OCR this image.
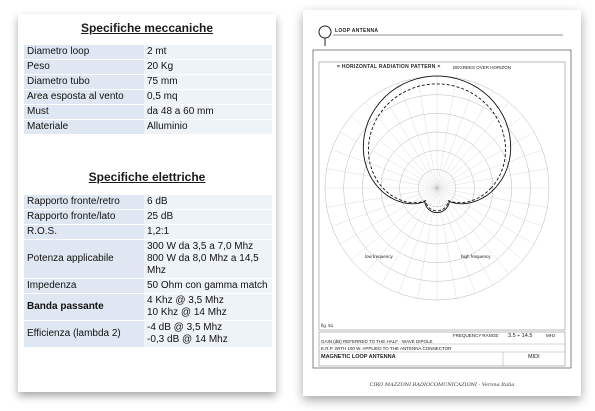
Specifiche meccaniche
Diametro loop	2 mt
Peso	20 Kg
Diametro tubo	75 mm
Area esposta al vento	0,5 mq
Must	da 48 a 60 mm
Materiale	Alluminio
Specifiche elettriche
Rapporto fronte/retro	6 dB
Rapporto fronte/lato	25 dB
R.O.S.	1,2:1
Potenza applicabile	300 W da 3,5 a 7,0 Mhz
800 W da 8,0 Mhz a 14,5 Mhz
Impedenza	50 Ohm con gamma match
Banda passante	4 Khz @ 3,5 Mhz
10 Khz @ 14 Mhz
Efficienza (lambda 2)	-4 dB @ 3,5 Mhz
-0,3 dB @ 14 Mhz
LOOP ANTENNA
= HORIZONTAL RADIATION PATTERN =	DEGREES OVER HORIZON
low frequency	high frequency
fig. 51
FREQUENCY RANGE 3.5 ÷ 14.5	MHz
GAIN (dB) REFERRED TO THE HALF - WAVE DIPOLE
E.R.P. WITH 100 W. APPLIED TO THE ANTENNA CONNECTOR
MAGNETIC LOOP ANTENNA	MIDI
CIRO MAZZONI RADIOCOMUNICAZIONI - Verona Italia
